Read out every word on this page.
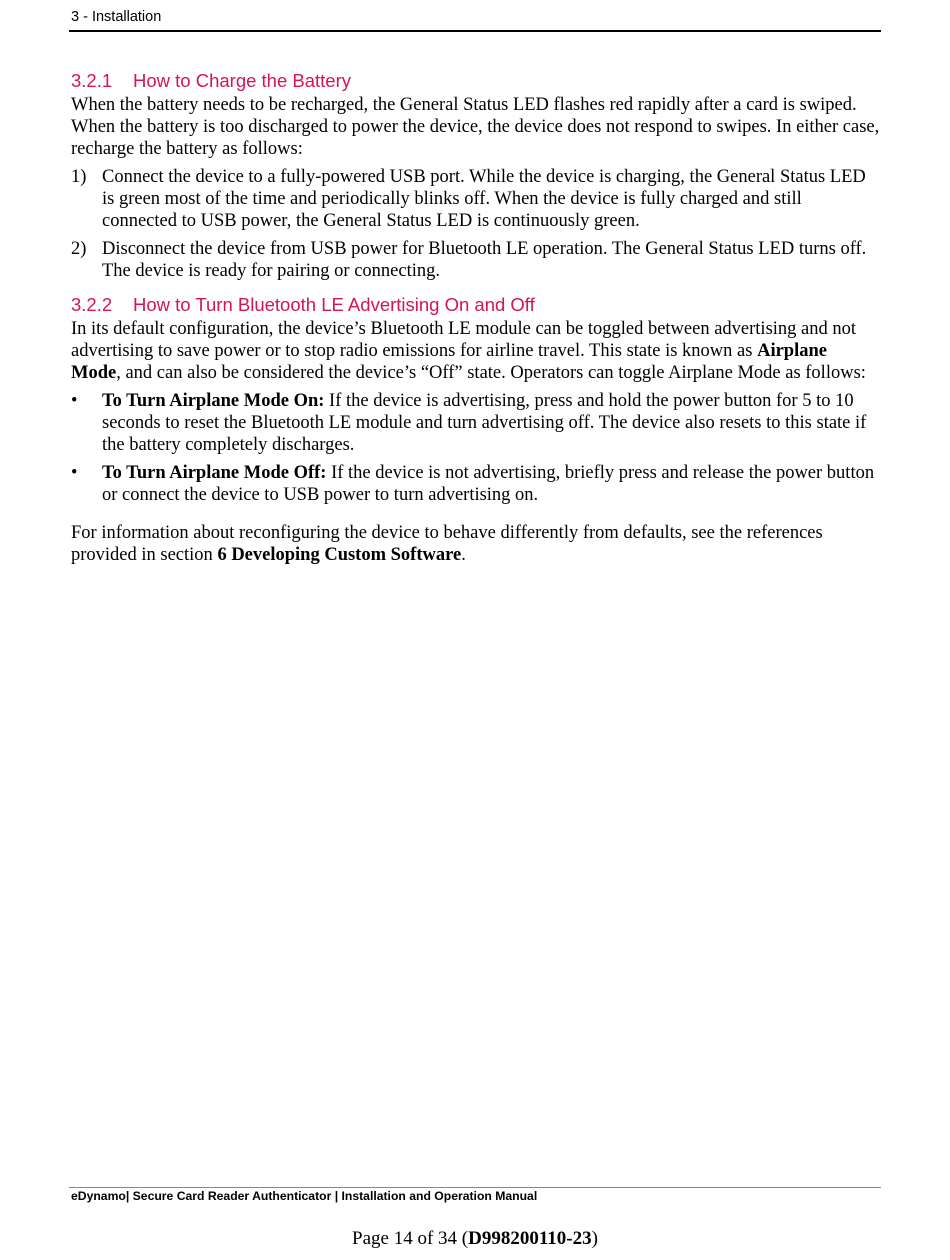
3 - Installation
3.2.1 How to Charge the Battery

When the battery needs to be recharged, the General Status LED flashes red rapidly after a card is swiped. When the battery is too discharged to power the device, the device does not respond to swipes. In either case, recharge the battery as follows:

1) Connect the device to a fully-powered USB port. While the device is charging, the General Status LED is green most of the time and periodically blinks off. When the device is fully charged and still connected to USB power, the General Status LED is continuously green.
2) Disconnect the device from USB power for Bluetooth LE operation. The General Status LED turns off. The device is ready for pairing or connecting.
3.2.2 How to Turn Bluetooth LE Advertising On and Off

In its default configuration, the device’s Bluetooth LE module can be toggled between advertising and not advertising to save power or to stop radio emissions for airline travel. This state is known as Airplane Mode, and can also be considered the device’s “Off” state. Operators can toggle Airplane Mode as follows:

• To Turn Airplane Mode On: If the device is advertising, press and hold the power button for 5 to 10 seconds to reset the Bluetooth LE module and turn advertising off. The device also resets to this state if the battery completely discharges.
• To Turn Airplane Mode Off: If the device is not advertising, briefly press and release the power button or connect the device to USB power to turn advertising on.

For information about reconfiguring the device to behave differently from defaults, see the references provided in section 6 Developing Custom Software.

eDynamo| Secure Card Reader Authenticator | Installation and Operation Manual
Page 14 of 34 (D998200110-23)
